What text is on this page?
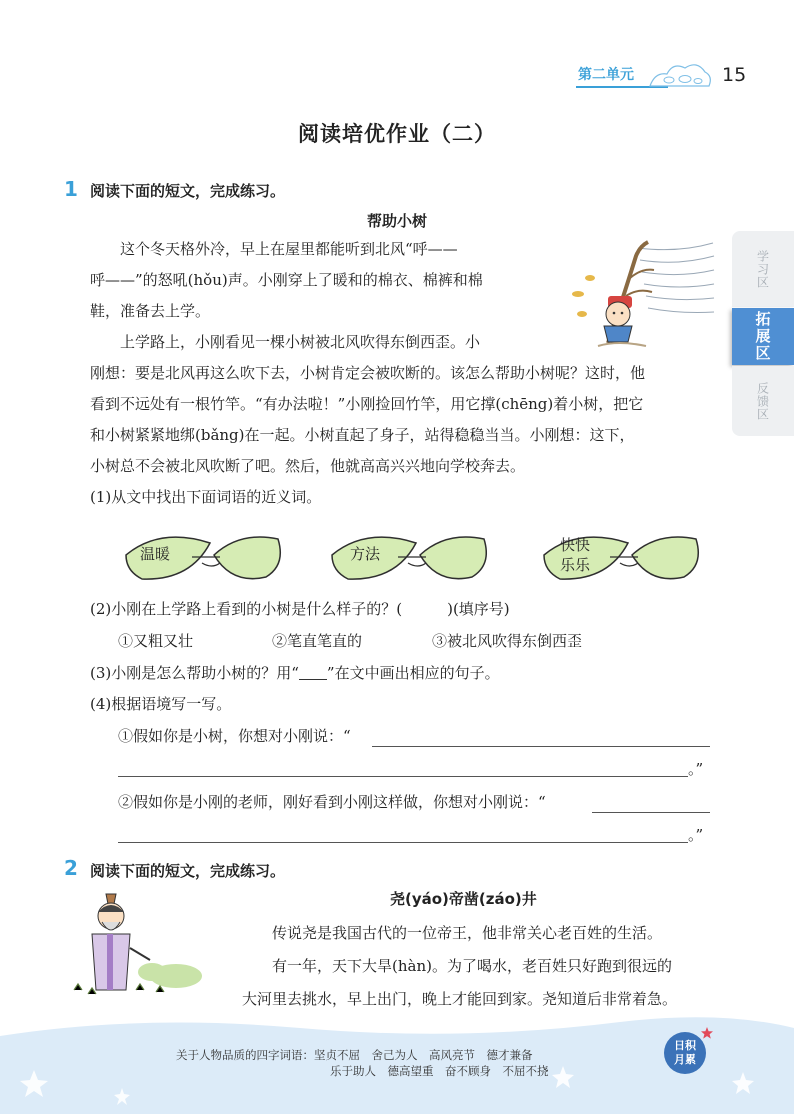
第二单元	15
阅读培优作业（二）
学习区
拓展区
反馈区
1 阅读下面的短文，完成练习。
帮助小树
　　这个冬天格外冷，早上在屋里都能听到北风“呼——
呼——”的怒吼(hǒu)声。小刚穿上了暖和的棉衣、棉裤和棉
鞋，准备去上学。
　　上学路上，小刚看见一棵小树被北风吹得东倒西歪。小
刚想：要是北风再这么吹下去，小树肯定会被吹断的。该怎么帮助小树呢？这时，他
看到不远处有一根竹竿。“有办法啦！”小刚捡回竹竿，用它撑(chēng)着小树，把它
和小树紧紧地绑(bǎng)在一起。小树直起了身子，站得稳稳当当。小刚想：这下，
小树总不会被北风吹断了吧。然后，他就高高兴兴地向学校奔去。
(1)从文中找出下面词语的近义词。
温暖	方法	快快
乐乐
(2)小刚在上学路上看到的小树是什么样子的？(　　　)(填序号)
①又粗又壮	②笔直笔直的	③被北风吹得东倒西歪
(3)小刚是怎么帮助小树的？用“ ”在文中画出相应的句子。
(4)根据语境写一写。
①假如你是小树，你想对小刚说：“
。”
②假如你是小刚的老师，刚好看到小刚这样做，你想对小刚说：“
。”
2 阅读下面的短文，完成练习。
尧(yáo)帝凿(záo)井
　　传说尧是我国古代的一位帝王，他非常关心老百姓的生活。
　　有一年，天下大旱(hàn)。为了喝水，老百姓只好跑到很远的
大河里去挑水，早上出门，晚上才能回到家。尧知道后非常着急。
关于人物品质的四字词语：坚贞不屈　舍己为人　高风亮节　德才兼备
乐于助人　德高望重　奋不顾身　不屈不挠
日积
月累
